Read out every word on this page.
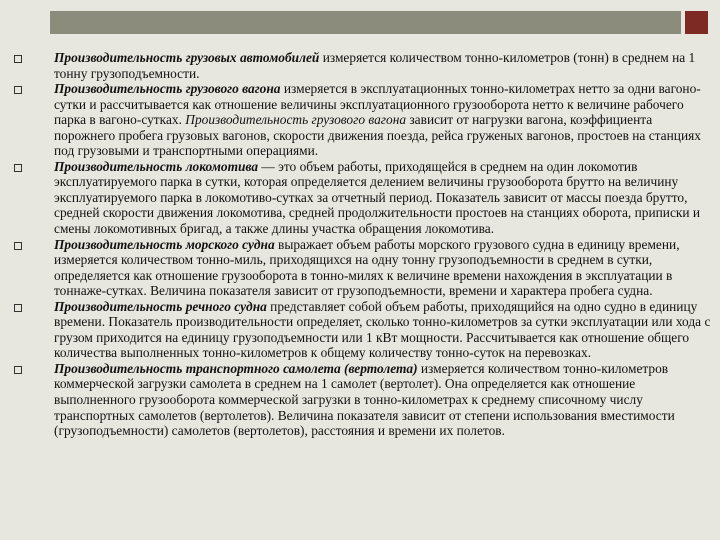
Производительность грузовых автомобилей измеряется количеством тонно-километров (тонн) в среднем на 1 тонну грузоподъемности.
Производительность грузового вагона измеряется в эксплуатационных тонно-километрах нетто за одни вагоно-сутки и рассчитывается как отношение величины эксплуатационного грузооборота нетто к величине рабочего парка в вагоно-сутках. Производительность грузового вагона зависит от нагрузки вагона, коэффициента порожнего пробега грузовых вагонов, скорости движения поезда, рейса груженых вагонов, простоев на станциях под грузовыми и транспортными операциями.
Производительность локомотива — это объем работы, приходящейся в среднем на один локомотив эксплуатируемого парка в сутки, которая определяется делением величины грузооборота брутто на величину эксплуатируемого парка в локомотиво-сутках за отчетный период. Показатель зависит от массы поезда брутто, средней скорости движения локомотива, средней продолжительности простоев на станциях оборота, приписки и смены локомотивных бригад, а также длины участка обращения локомотива.
Производительность морского судна выражает объем работы морского грузового судна в единицу времени, измеряется количеством тонно-миль, приходящихся на одну тонну грузоподъемности в среднем в сутки, определяется как отношение грузооборота в тонно-милях к величине времени нахождения в эксплуатации в тоннаже-сутках. Величина показателя зависит от грузоподъемности, времени и характера пробега судна.
Производительность речного судна представляет собой объем работы, приходящийся на одно судно в единицу времени. Показатель производительности определяет, сколько тонно-километров за сутки эксплуатации или хода с грузом приходится на единицу грузоподъемности или 1 кВт мощности. Рассчитывается как отношение общего количества выполненных тонно-километров к общему количеству тонно-суток на перевозках.
Производительность транспортного самолета (вертолета) измеряется количеством тонно-километров коммерческой загрузки самолета в среднем на 1 самолет (вертолет). Она определяется как отношение выполненного грузооборота коммерческой загрузки в тонно-километрах к среднему списочному числу транспортных самолетов (вертолетов). Величина показателя зависит от степени использования вместимости (грузоподъемности) самолетов (вертолетов), расстояния и времени их полетов.
